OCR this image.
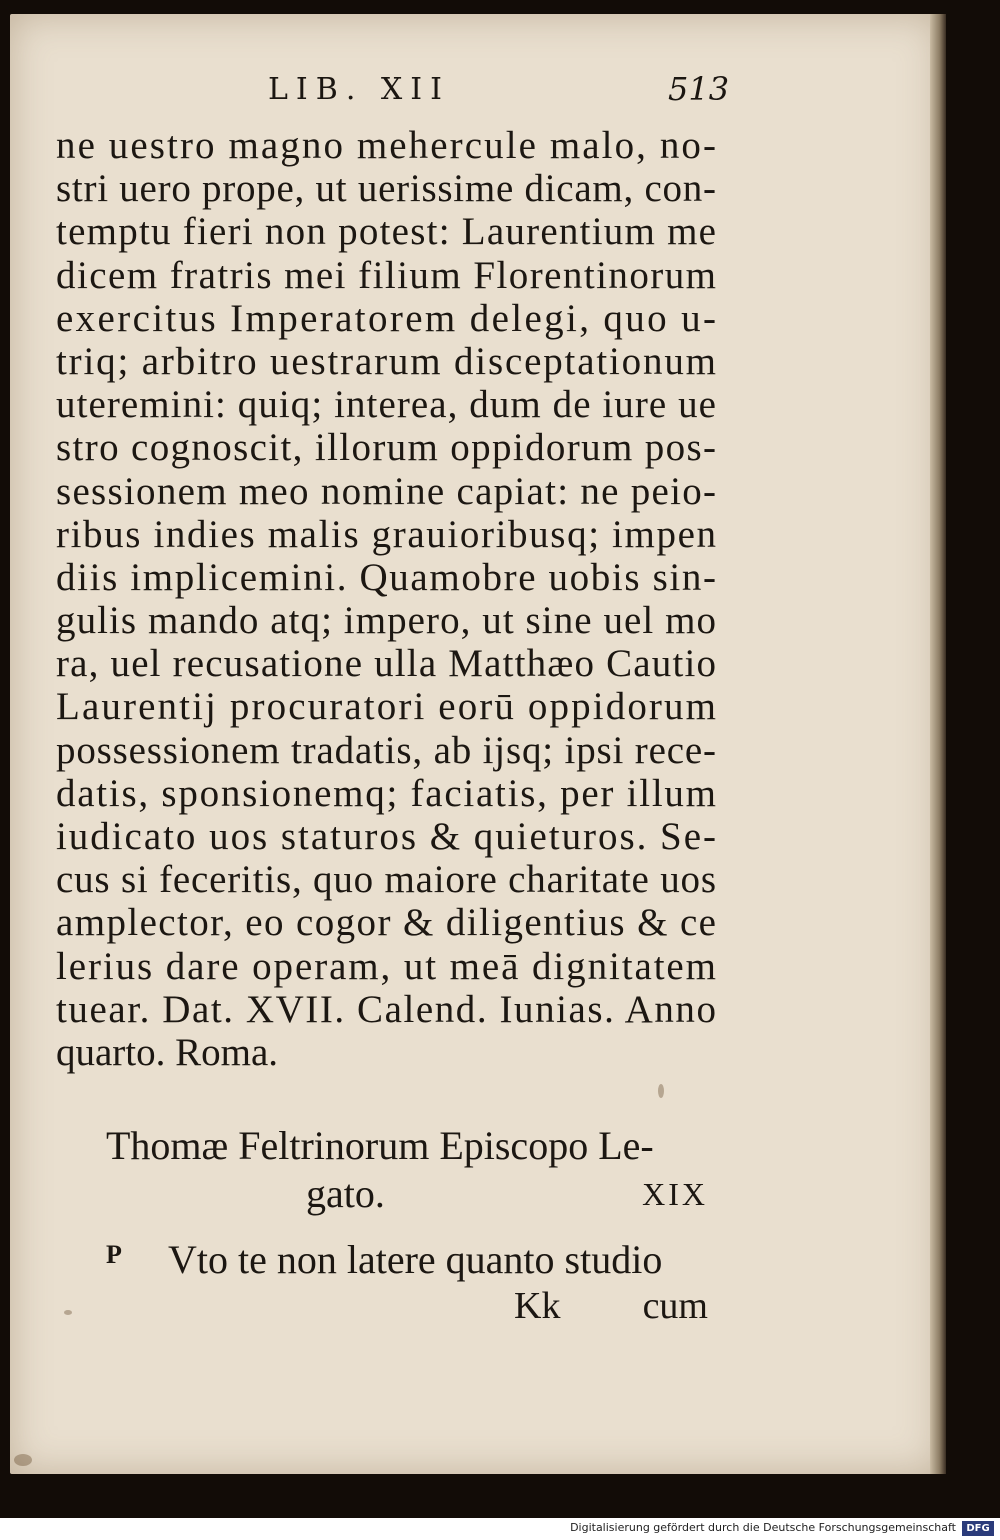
LIB. XII	513
ne uestro magno mehercule malo, no-
stri uero prope, ut uerissime dicam, con-
temptu fieri non potest: Laurentium me
dicem fratris mei filium Florentinorum
exercitus Imperatorem delegi, quo u-
triq; arbitro uestrarum disceptationum
uteremini: quiq; interea, dum de iure ue
stro cognoscit, illorum oppidorum pos-
sessionem meo nomine capiat: ne peio-
ribus indies malis grauioribusq; impen
diis implicemini. Quamobre uobis sin-
gulis mando atq; impero, ut sine uel mo
ra, uel recusatione ulla Matthæo Cautio
Laurentij procuratori eorū oppidorum
possessionem tradatis, ab ijsq; ipsi rece-
datis, sponsionemq; faciatis, per illum
iudicato uos staturos & quieturos. Se-
cus si feceritis, quo maiore charitate uos
amplector, eo cogor & diligentius & ce
lerius dare operam, ut meā dignitatem
tuear. Dat. XVII. Calend. Iunias. Anno
quarto. Roma.
Thomæ Feltrinorum Episcopo Le-
gato.	XIX
P Vto te non latere quanto studio
Kk cum
Digitalisierung gefördert durch die Deutsche Forschungsgemeinschaft	DFG
